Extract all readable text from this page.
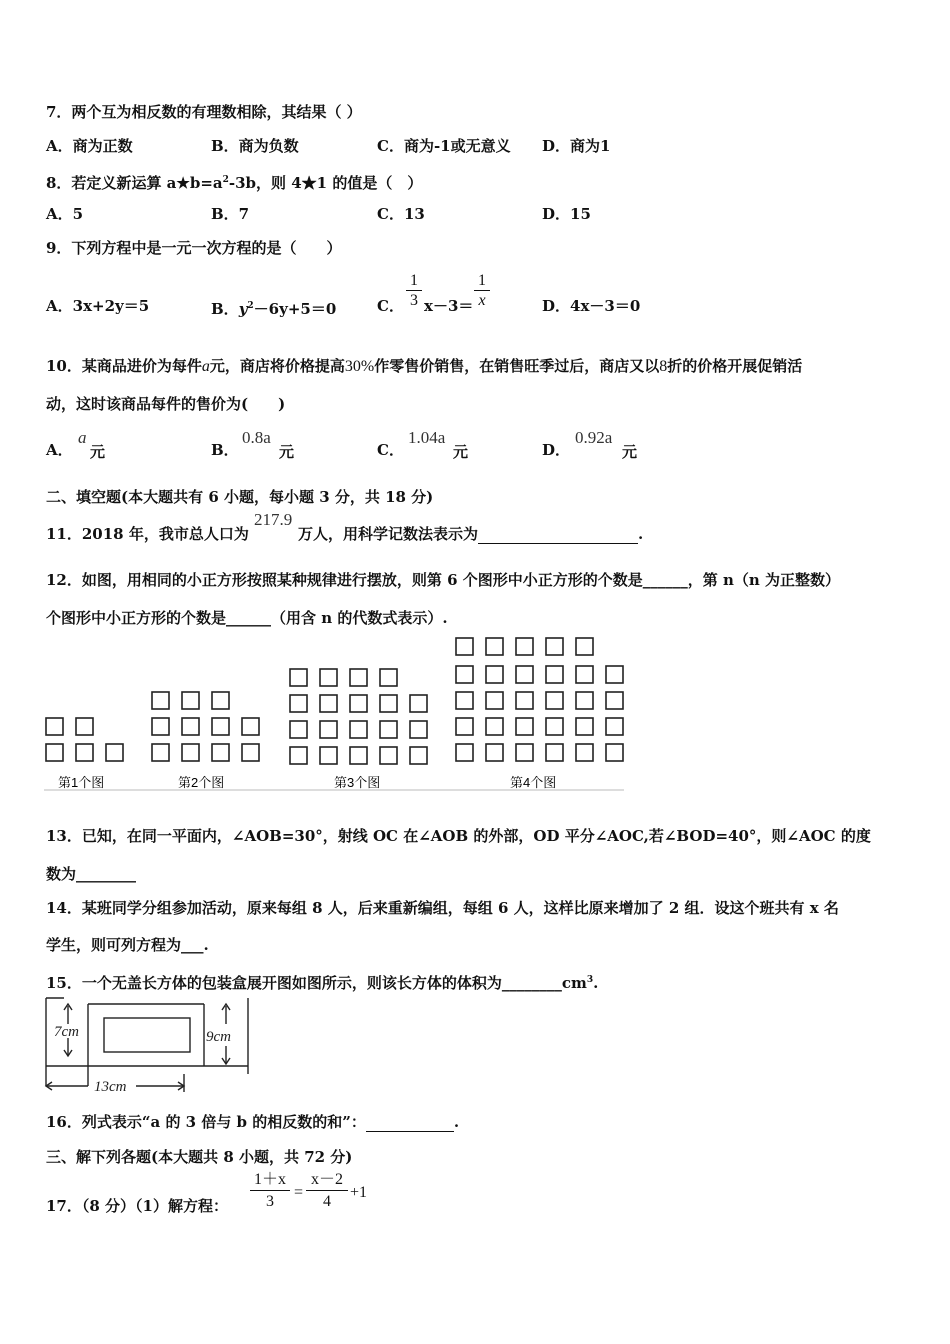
7．两个互为相反数的有理数相除，其结果（ ）
A．商为正数	B．商为负数	C．商为-1或无意义 D．商为1
8．若定义新运算 $a★b=a^2-3b$，则 4★1 的值是（　）
A．5	B．7	C．13	D．15
9．下列方程中是一元一次方程的是（　　）
A．3x+2y＝5	B．$y^2-6y+5=0$	C． $\frac{1}{3} x-3= \frac{1}{x}$	D．4x－3＝0
10．某商品进价为每件a元，商店将价格提高30%作零售价销售，在销售旺季过后，商店又以8折的价格开展促销活
动，这时该商品每件的售价为(　　)
A．
a
元	B．
0.8a
元	C．
1.04a
元	D．
0.92a
元
二、填空题(本大题共有 6 小题，每小题 3 分，共 18 分)
11．2018 年，我市总人口为
217.9
万人，用科学记数法表示为	.
12．如图，用相同的小正方形按照某种规律进行摆放，则第 6 个图形中小正方形的个数是______，第 n（n 为正整数）
个图形中小正方形的个数是______（用含 n 的代数式表示）.
第1个图	第2个图	第3个图	第4个图
13．已知，在同一平面内，∠AOB=30°，射线 OC 在∠AOB 的外部，OD 平分∠AOC,若∠BOD=40°，则∠AOC 的度
数为________
14．某班同学分组参加活动，原来每组 8 人，后来重新编组，每组 6 人，这样比原来增加了 2 组．设这个班共有 x 名
学生，则可列方程为___.
15．一个无盖长方体的包装盒展开图如图所示，则该长方体的体积为$\_\_\_\_\_\_\_\_cm^3$.
7cm	9cm
13cm
16．列式表示“a 的 3 倍与 b 的相反数的和”：	.
三、解下列各题(本大题共 8 小题，共 72 分)
17．（8 分）（1）解方程： $\frac{1+x}{3} = \frac{x-2}{4} +1$
